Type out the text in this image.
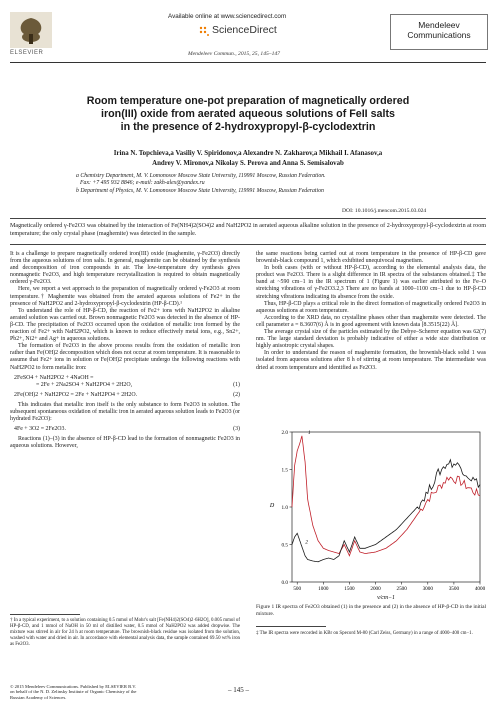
ELSEVIER
Available online at www.sciencedirect.com
ScienceDirect
Mendeleev Commun., 2015, 25, 145–147
Mendeleev
Communications
Room temperature one-pot preparation of magnetically ordered
iron(III) oxide from aerated aqueous solutions of FeII salts
in the presence of 2-hydroxypropyl-β-cyclodextrin
Irina N. Topchieva,a Vasiliy V. Spiridonov,a Alexandre N. Zakharov,a Mikhail I. Afanasov,a
Andrey V. Mironov,a Nikolay S. Perova and Anna S. Semisalovab
a Chemistry Department, M. V. Lomonosov Moscow State University, 119991 Moscow, Russian Federation.
Fax: +7 495 932 8846; e-mail: zakh-alex@yandex.ru
b Department of Physics, M. V. Lomonosov Moscow State University, 119991 Moscow, Russian Federation
DOI: 10.1016/j.mencom.2015.03.024
Magnetically ordered γ-Fe2O3 was obtained by the interaction of Fe(NH4)2(SO4)2 and NaH2PO2 in aerated aqueous alkaline solution in the presence of 2-hydroxypropyl-β-cyclodextrin at room temperature; the only crystal phase (maghemite) was detected in the sample.

It is a challenge to prepare magnetically ordered iron(III) oxide (maghemite, γ-Fe2O3) directly from the aqueous solutions of iron salts. In general, maghemite can be obtained by the synthesis and decomposition of iron compounds in air. The low-temperature dry synthesis gives nonmagnetic Fe2O3, and high temperature recrystallization is required to obtain magnetically ordered γ-Fe2O3.

Here, we report a wet approach to the preparation of magnetically ordered γ-Fe2O3 at room temperature.† Maghemite was obtained from the aerated aqueous solutions of Fe2+ in the presence of NaH2PO2 and 2-hydroxypropyl-β-cyclodextrin (HP-β-CD).¹

To understand the role of HP-β-CD, the reaction of Fe2+ ions with NaH2PO2 in alkaline aerated solution was carried out. Brown nonmagnetic Fe2O3 was detected in the absence of HP-β-CD. The precipitation of Fe2O3 occurred upon the oxidation of metallic iron formed by the reaction of Fe2+ with NaH2PO2, which is known to reduce effectively metal ions, e.g., Sn2+, Pb2+, Ni2+ and Ag+ in aqueous solutions.

The formation of Fe2O3 in the above process results from the oxidation of metallic iron rather than Fe(OH)2 decomposition which does not occur at room temperature. It is reasonable to assume that Fe2+ ions in solution or Fe(OH)2 precipitate undergo the following reactions with NaH2PO2 to form metallic iron:

2FeSO4 + NaH2PO2 + 4NaOH =
= 2Fe + 2Na2SO4 + NaH2PO4 + 2H2O,	(1)
2Fe(OH)2 + NaH2PO2 = 2Fe + NaH2PO4 + 2H2O.	(2)

This indicates that metallic iron itself is the only substance to form Fe2O3 in solution. The subsequent spontaneous oxidation of metallic iron in aerated aqueous solution leads to Fe2O3 (or hydrated Fe2O3):

4Fe + 3O2 = 2Fe2O3.	(3)

Reactions (1)–(3) in the absence of HP-β-CD lead to the formation of nonmagnetic Fe2O3 in aqueous solutions. However,

† In a typical experiment, to a solution containing 0.5 mmol of Mohr's salt [Fe(NH4)2(SO4)2·6H2O], 0.005 mmol of HP-β-CD, and 1 mmol of NaOH in 50 ml of distilled water, 0.5 mmol of NaH2PO2 was added dropwise. The mixture was stirred in air for 24 h at room temperature. The brownish-black residue was isolated from the solution, washed with water and dried in air. In accordance with elemental analysis data, the sample contained 69.50 wt% iron as Fe2O3.

the same reactions being carried out at room temperature in the presence of HP-β-CD gave brownish-black compound 1, which exhibited unequivocal magnetism.

In both cases (with or without HP-β-CD), according to the elemental analysis data, the product was Fe2O3. There is a slight difference in IR spectra of the substances obtained.‡ The band at ~590 cm−1 in the IR spectrum of 1 (Figure 1) was earlier attributed to the Fe–O stretching vibrations of γ-Fe2O3.2,3 There are no bands at 1000–1100 cm−1 due to HP-β-CD stretching vibrations indicating its absence from the oxide.

Thus, HP-β-CD plays a critical role in the direct formation of magnetically ordered Fe2O3 in aqueous solutions at room temperature.

According to the XRD data, no crystalline phases other than maghemite were detected. The cell parameter a = 8.3607(6) Å is in good agreement with known data [8.3515(22) Å].

The average crystal size of the particles estimated by the Debye–Scherrer equation was 62(7) nm. The large standard deviation is probably indicative of either a wide size distribution or highly anisotropic crystal shapes.

In order to understand the reason of maghemite formation, the brownish-black solid 1 was isolated from aqueous solutions after 8 h of stirring at room temperature. The intermediate was dried at room temperature and identified as Fe2O3.

500	1000	1500	2000	2500	3000	3500	4000
0.0
0.5
1.0
1.5
2.0
ν/cm−1
D
1
2
Figure 1 IR spectra of Fe2O3 obtained (1) in the presence and (2) in the absence of HP-β-CD in the initial mixture.
‡ The IR spectra were recorded in KBr on Specord M-80 (Carl Zeiss, Germany) in a range of 4000–400 cm−1.
© 2015 Mendeleev Communications. Published by ELSEVIER B.V.
on behalf of the N. D. Zelinsky Institute of Organic Chemistry of the
Russian Academy of Sciences.
– 145 –
